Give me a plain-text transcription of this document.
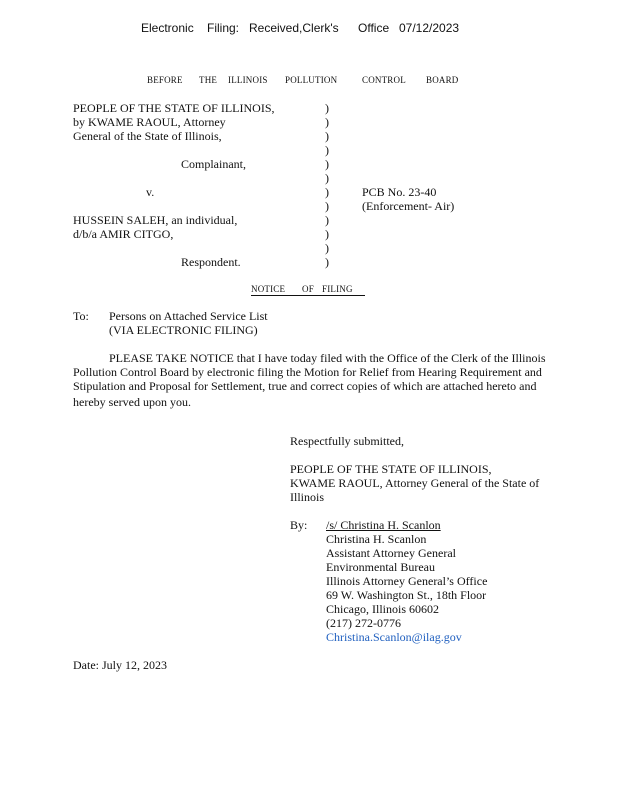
Electronic Filing: Received,Clerk's Office 07/12/2023
BEFORE THE ILLINOIS POLLUTION	CONTROL BOARD
PEOPLE OF THE STATE OF ILLINOIS,
by KWAME RAOUL, Attorney
General of the State of Illinois,
Complainant,
v.
HUSSEIN SALEH, an individual,
d/b/a AMIR CITGO,
Respondent.
PCB No. 23-40
(Enforcement- Air)
)
)
)
)
)
)
)
)
)
)
)
)
NOTICE OF FILING
To: Persons on Attached Service List
(VIA ELECTRONIC FILING)
PLEASE TAKE NOTICE that I have today filed with the Office of the Clerk of the Illinois
Pollution Control Board by electronic filing the Motion for Relief from Hearing Requirement and
Stipulation and Proposal for Settlement, true and correct copies of which are attached hereto and
hereby served upon you.
Respectfully submitted,
PEOPLE OF THE STATE OF ILLINOIS,
KWAME RAOUL, Attorney General of the State of
Illinois
By: /s/ Christina H. Scanlon
Christina H. Scanlon
Assistant Attorney General
Environmental Bureau
Illinois Attorney General’s Office
69 W. Washington St., 18th Floor
Chicago, Illinois 60602
(217) 272-0776
Christina.Scanlon@ilag.gov
Date: July 12, 2023
